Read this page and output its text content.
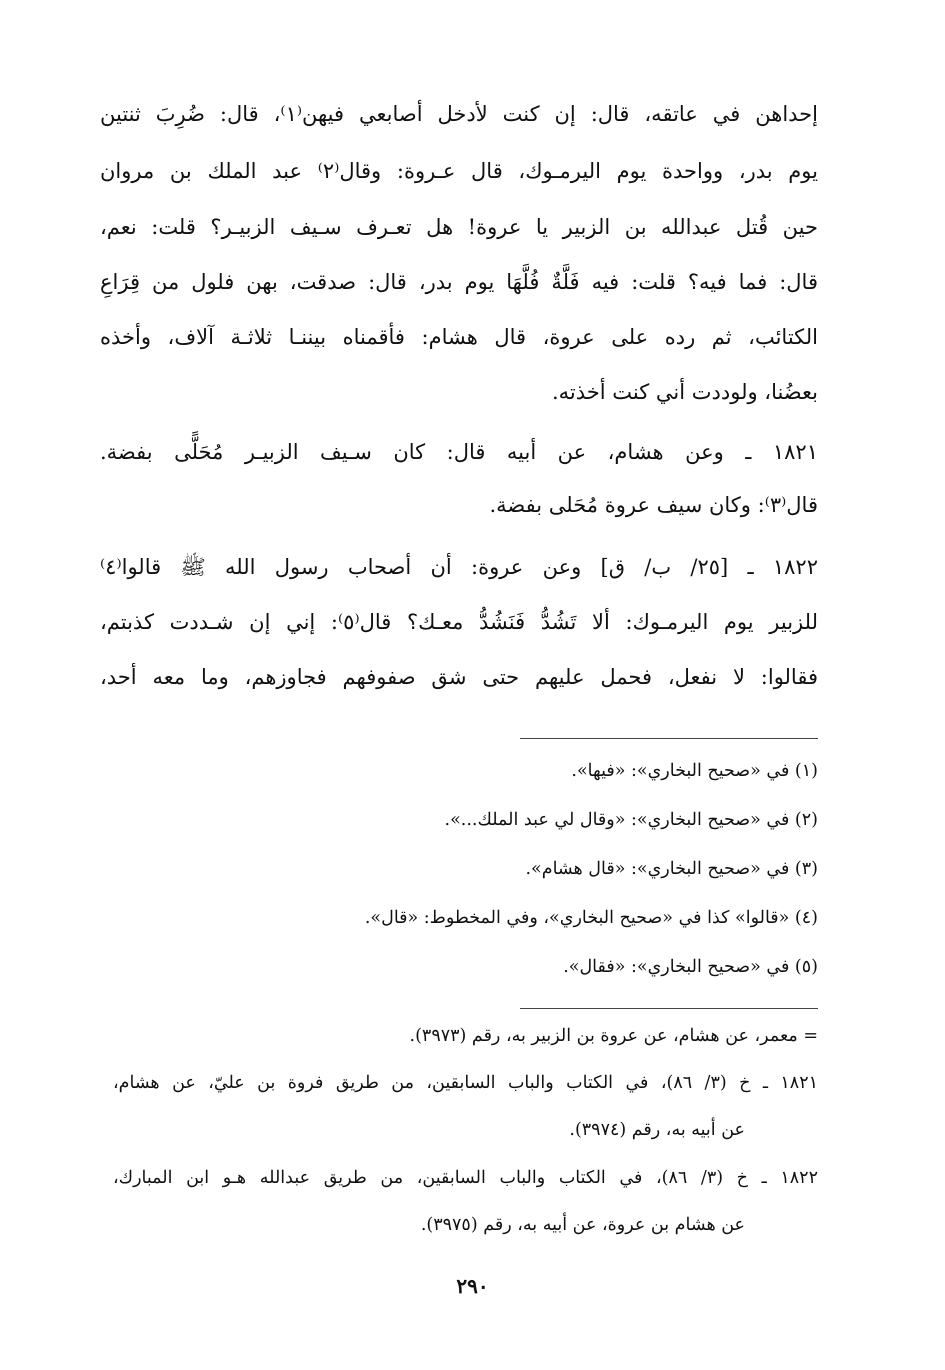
إحداهن في عاتقه، قال: إن كنت لأدخل أصابعي فيهن⁽١⁾، قال: ضُرِبَ ثنتين
يوم بدر، وواحدة يوم اليرمـوك، قال عـروة: وقال⁽٢⁾ عبد الملك بن مروان
حين قُتل عبدالله بن الزبير يا عروة! هل تعـرف سـيف الزبيـر؟ قلت: نعم،
قال: فما فيه؟ قلت: فيه فَلَّةٌ فُلَّهَا يوم بدر، قال: صدقت، بهن فلول من قِرَاعِ
الكتائب، ثم رده على عروة، قال هشام: فأقمناه بيننـا ثلاثـة آلاف، وأخذه
بعضُنا، ولوددت أني كنت أخذته.
١٨٢١ ـ وعن هشام، عن أبيه قال: كان سـيف الزبيـر مُحَلًّى بفضة.
قال⁽٣⁾: وكان سيف عروة مُحَلى بفضة.
١٨٢٢ ـ [٢٥/ ب/ ق] وعن عروة: أن أصحاب رسول الله ﷺ قالوا⁽٤⁾
للزبير يوم اليرمـوك: ألا تَشُدُّ فَنَشُدُّ معـك؟ قال⁽٥⁾: إني إن شـددت كذبتم،
فقالوا: لا نفعل، فحمل عليهم حتى شق صفوفهم فجاوزهم، وما معه أحد،
(١) في «صحيح البخاري»: «فيها».
(٢) في «صحيح البخاري»: «وقال لي عبد الملك...».
(٣) في «صحيح البخاري»: «قال هشام».
(٤) «قالوا» كذا في «صحيح البخاري»، وفي المخطوط: «قال».
(٥) في «صحيح البخاري»: «فقال».
= معمر، عن هشام، عن عروة بن الزبير به، رقم (٣٩٧٣).
١٨٢١ ـ خ (٣/ ٨٦)، في الكتاب والباب السابقين، من طريق فروة بن عليّ، عن هشام،
عن أبيه به، رقم (٣٩٧٤).
١٨٢٢ ـ خ (٣/ ٨٦)، في الكتاب والباب السابقين، من طريق عبدالله هـو ابن المبارك،
عن هشام بن عروة، عن أبيه به، رقم (٣٩٧٥).
٢٩٠
